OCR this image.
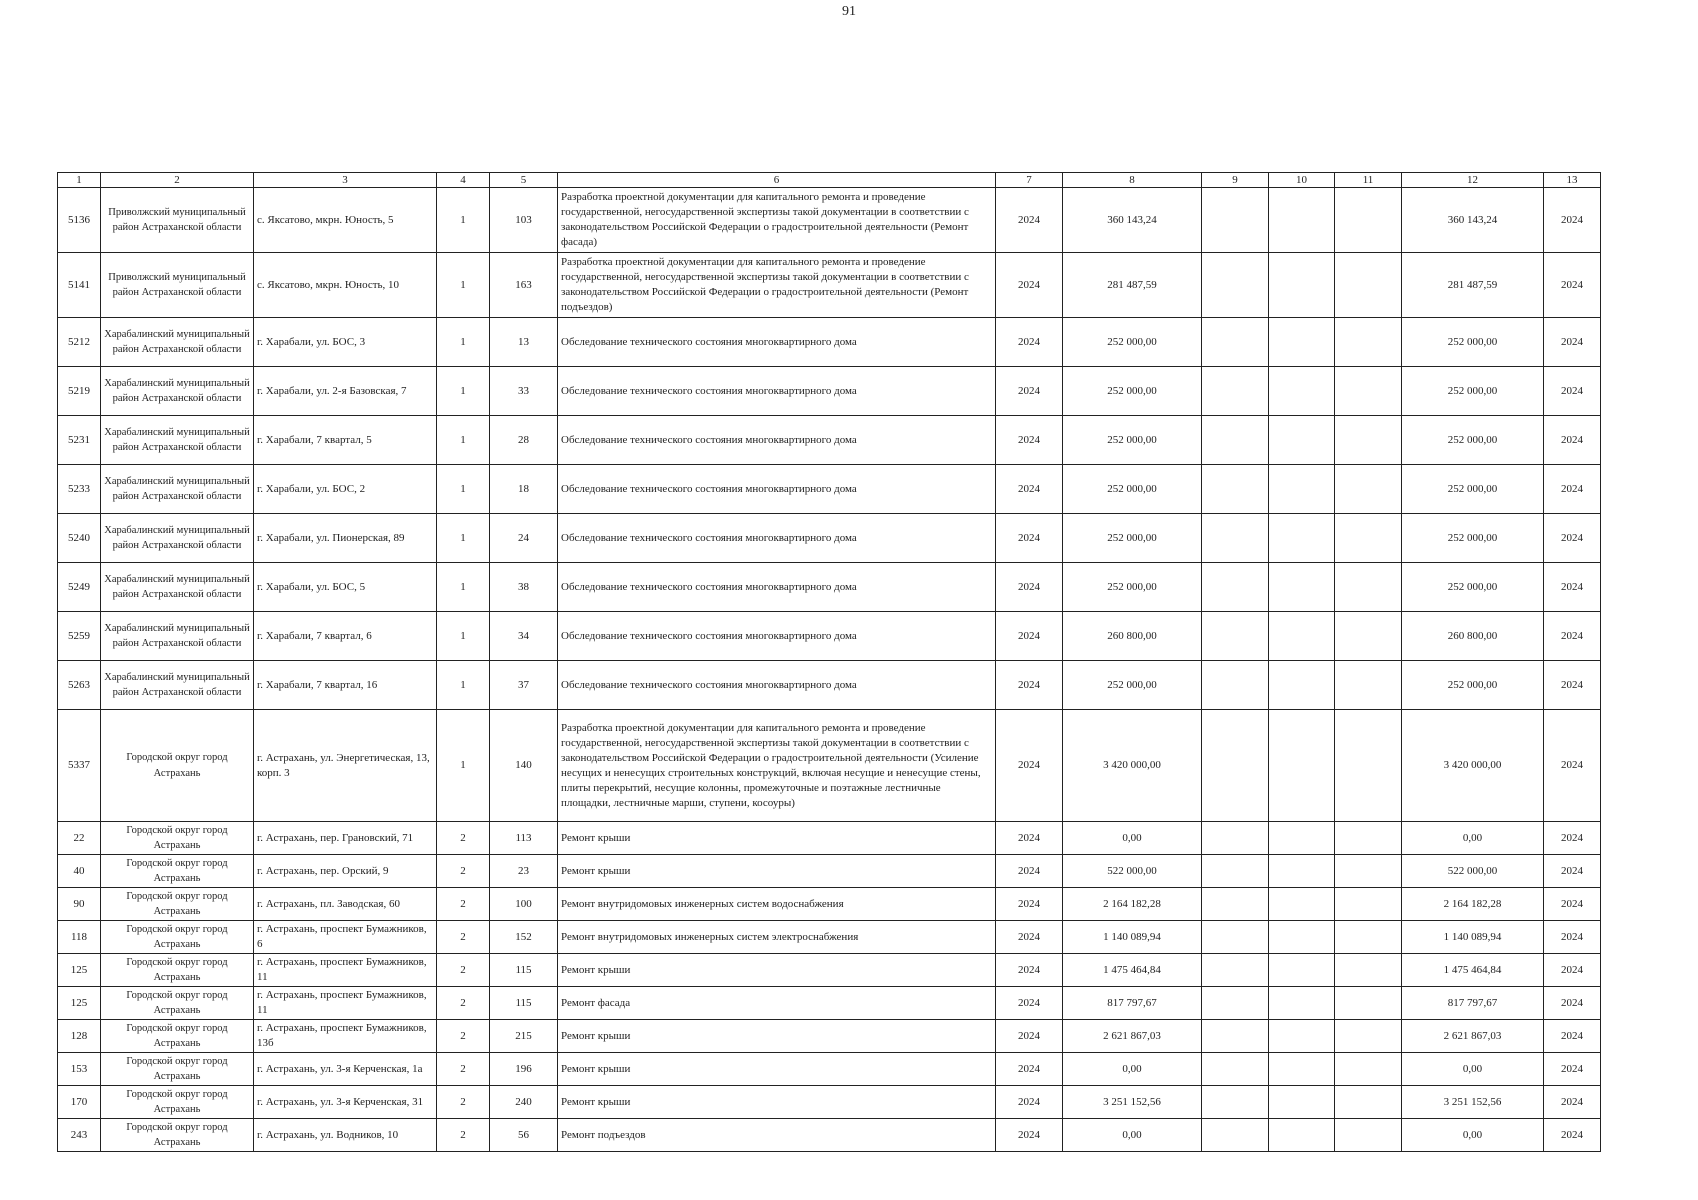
91
1	2	3	4	5	6	7	8	9	10	11	12	13
5136	Приволжский муниципальный район Астраханской области	с. Яксатово, мкрн. Юность, 5	1	103	Разработка проектной документации для капитального ремонта и проведение государственной, негосударственной экспертизы такой документации в соответствии с законодательством Российской Федерации о градостроительной деятельности (Ремонт фасада)	2024	360 143,24				360 143,24	2024
5141	Приволжский муниципальный район Астраханской области	с. Яксатово, мкрн. Юность, 10	1	163	Разработка проектной документации для капитального ремонта и проведение государственной, негосударственной экспертизы такой документации в соответствии с законодательством Российской Федерации о градостроительной деятельности (Ремонт подъездов)	2024	281 487,59				281 487,59	2024
5212	Харабалинский муниципальный район Астраханской области	г. Харабали, ул. БОС, 3	1	13	Обследование технического состояния многоквартирного дома	2024	252 000,00				252 000,00	2024
5219	Харабалинский муниципальный район Астраханской области	г. Харабали, ул. 2-я Базовская, 7	1	33	Обследование технического состояния многоквартирного дома	2024	252 000,00				252 000,00	2024
5231	Харабалинский муниципальный район Астраханской области	г. Харабали, 7 квартал, 5	1	28	Обследование технического состояния многоквартирного дома	2024	252 000,00				252 000,00	2024
5233	Харабалинский муниципальный район Астраханской области	г. Харабали, ул. БОС, 2	1	18	Обследование технического состояния многоквартирного дома	2024	252 000,00				252 000,00	2024
5240	Харабалинский муниципальный район Астраханской области	г. Харабали, ул. Пионерская, 89	1	24	Обследование технического состояния многоквартирного дома	2024	252 000,00				252 000,00	2024
5249	Харабалинский муниципальный район Астраханской области	г. Харабали, ул. БОС, 5	1	38	Обследование технического состояния многоквартирного дома	2024	252 000,00				252 000,00	2024
5259	Харабалинский муниципальный район Астраханской области	г. Харабали, 7 квартал, 6	1	34	Обследование технического состояния многоквартирного дома	2024	260 800,00				260 800,00	2024
5263	Харабалинский муниципальный район Астраханской области	г. Харабали, 7 квартал, 16	1	37	Обследование технического состояния многоквартирного дома	2024	252 000,00				252 000,00	2024
5337	Городской округ город Астрахань	г. Астрахань, ул. Энергетическая, 13, корп. 3	1	140	Разработка проектной документации для капитального ремонта и проведение государственной, негосударственной экспертизы такой документации в соответствии с законодательством Российской Федерации о градостроительной деятельности (Усиление несущих и ненесущих строительных конструкций, включая несущие и ненесущие стены, плиты перекрытий, несущие колонны, промежуточные и поэтажные лестничные площадки, лестничные марши, ступени, косоуры)	2024	3 420 000,00				3 420 000,00	2024
22	Городской округ город Астрахань	г. Астрахань, пер. Грановский, 71	2	113	Ремонт крыши	2024	0,00				0,00	2024
40	Городской округ город Астрахань	г. Астрахань, пер. Орский, 9	2	23	Ремонт крыши	2024	522 000,00				522 000,00	2024
90	Городской округ город Астрахань	г. Астрахань, пл. Заводская, 60	2	100	Ремонт внутридомовых инженерных систем водоснабжения	2024	2 164 182,28				2 164 182,28	2024
118	Городской округ город Астрахань	г. Астрахань, проспект Бумажников, 6	2	152	Ремонт внутридомовых инженерных систем электроснабжения	2024	1 140 089,94				1 140 089,94	2024
125	Городской округ город Астрахань	г. Астрахань, проспект Бумажников, 11	2	115	Ремонт крыши	2024	1 475 464,84				1 475 464,84	2024
125	Городской округ город Астрахань	г. Астрахань, проспект Бумажников, 11	2	115	Ремонт фасада	2024	817 797,67				817 797,67	2024
128	Городской округ город Астрахань	г. Астрахань, проспект Бумажников, 13б	2	215	Ремонт крыши	2024	2 621 867,03				2 621 867,03	2024
153	Городской округ город Астрахань	г. Астрахань, ул. 3-я Керченская, 1а	2	196	Ремонт крыши	2024	0,00				0,00	2024
170	Городской округ город Астрахань	г. Астрахань, ул. 3-я Керченская, 31	2	240	Ремонт крыши	2024	3 251 152,56				3 251 152,56	2024
243	Городской округ город Астрахань	г. Астрахань, ул. Водников, 10	2	56	Ремонт подъездов	2024	0,00				0,00	2024
